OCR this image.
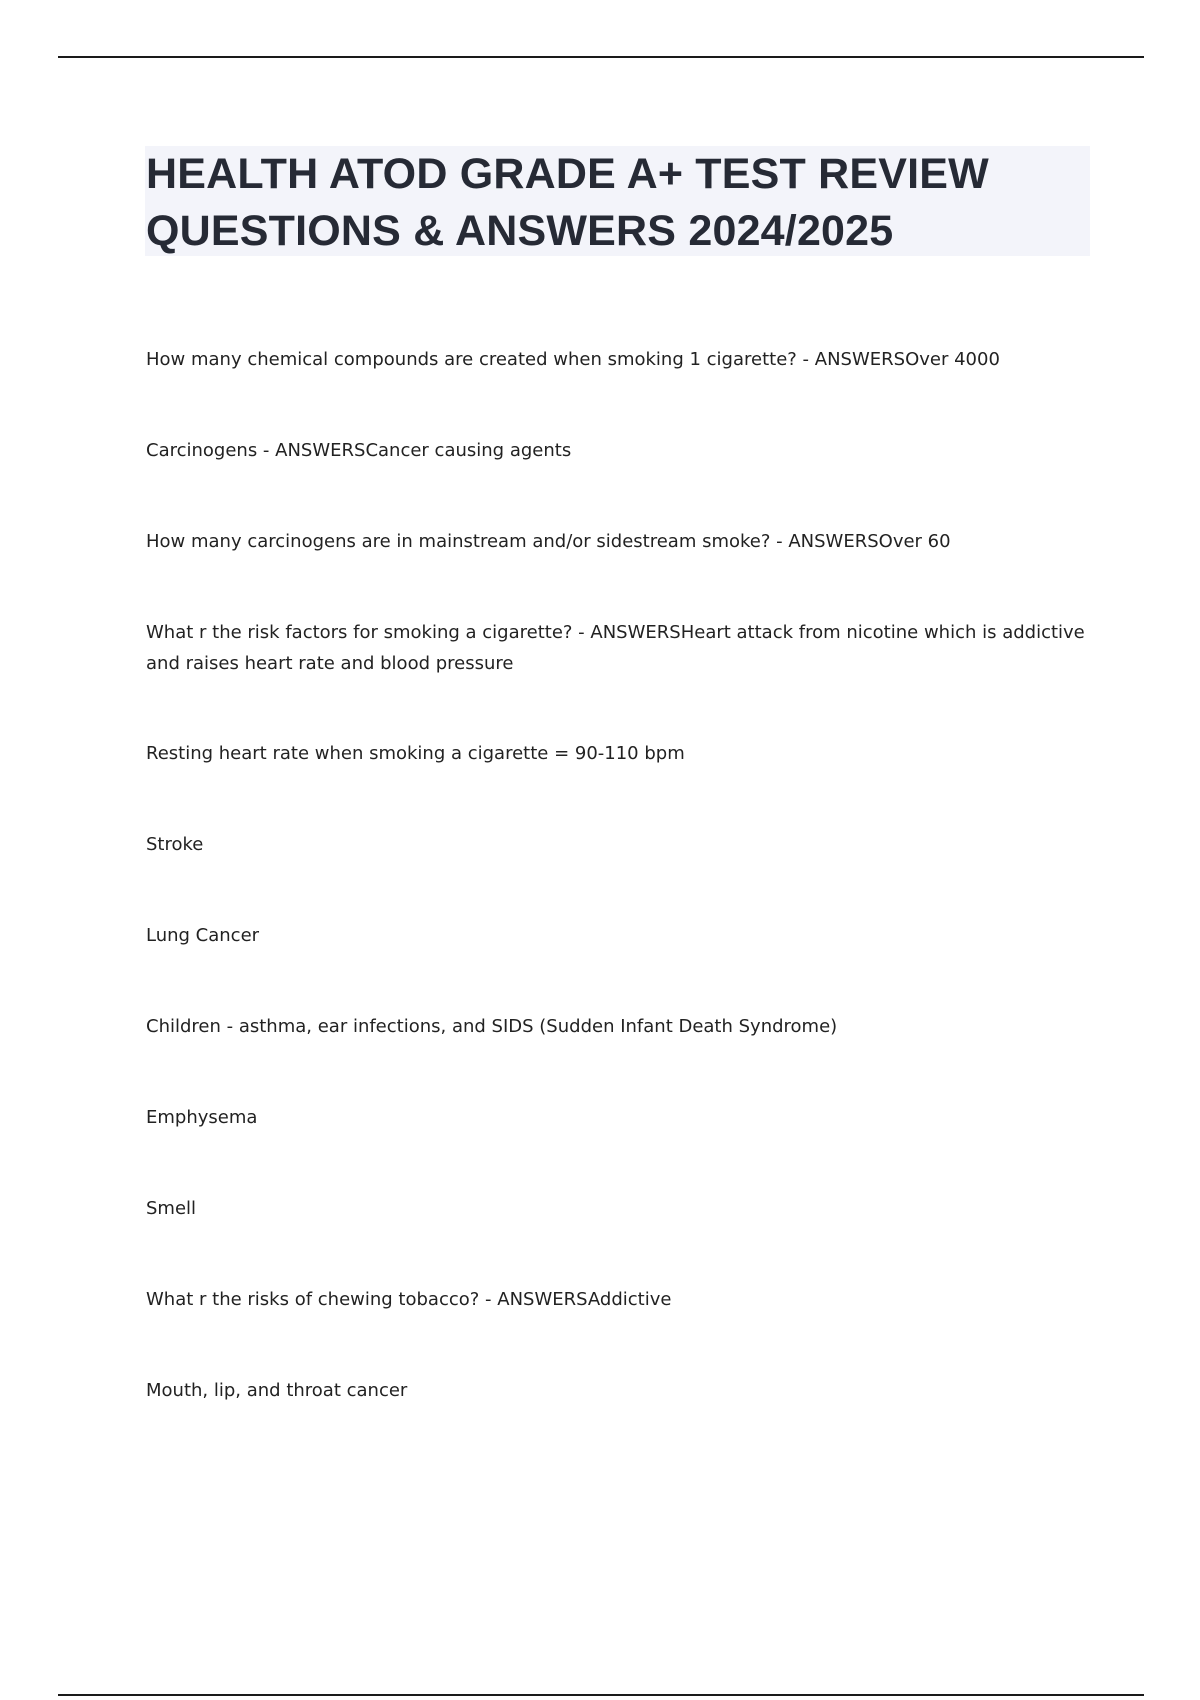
HEALTH ATOD GRADE A+ TEST REVIEW QUESTIONS & ANSWERS 2024/2025
How many chemical compounds are created when smoking 1 cigarette? - ANSWERSOver 4000
Carcinogens - ANSWERSCancer causing agents
How many carcinogens are in mainstream and/or sidestream smoke? - ANSWERSOver 60
What r the risk factors for smoking a cigarette? - ANSWERSHeart attack from nicotine which is addictive and raises heart rate and blood pressure
Resting heart rate when smoking a cigarette = 90-110 bpm
Stroke
Lung Cancer
Children - asthma, ear infections, and SIDS (Sudden Infant Death Syndrome)
Emphysema
Smell
What r the risks of chewing tobacco? - ANSWERSAddictive
Mouth, lip, and throat cancer
